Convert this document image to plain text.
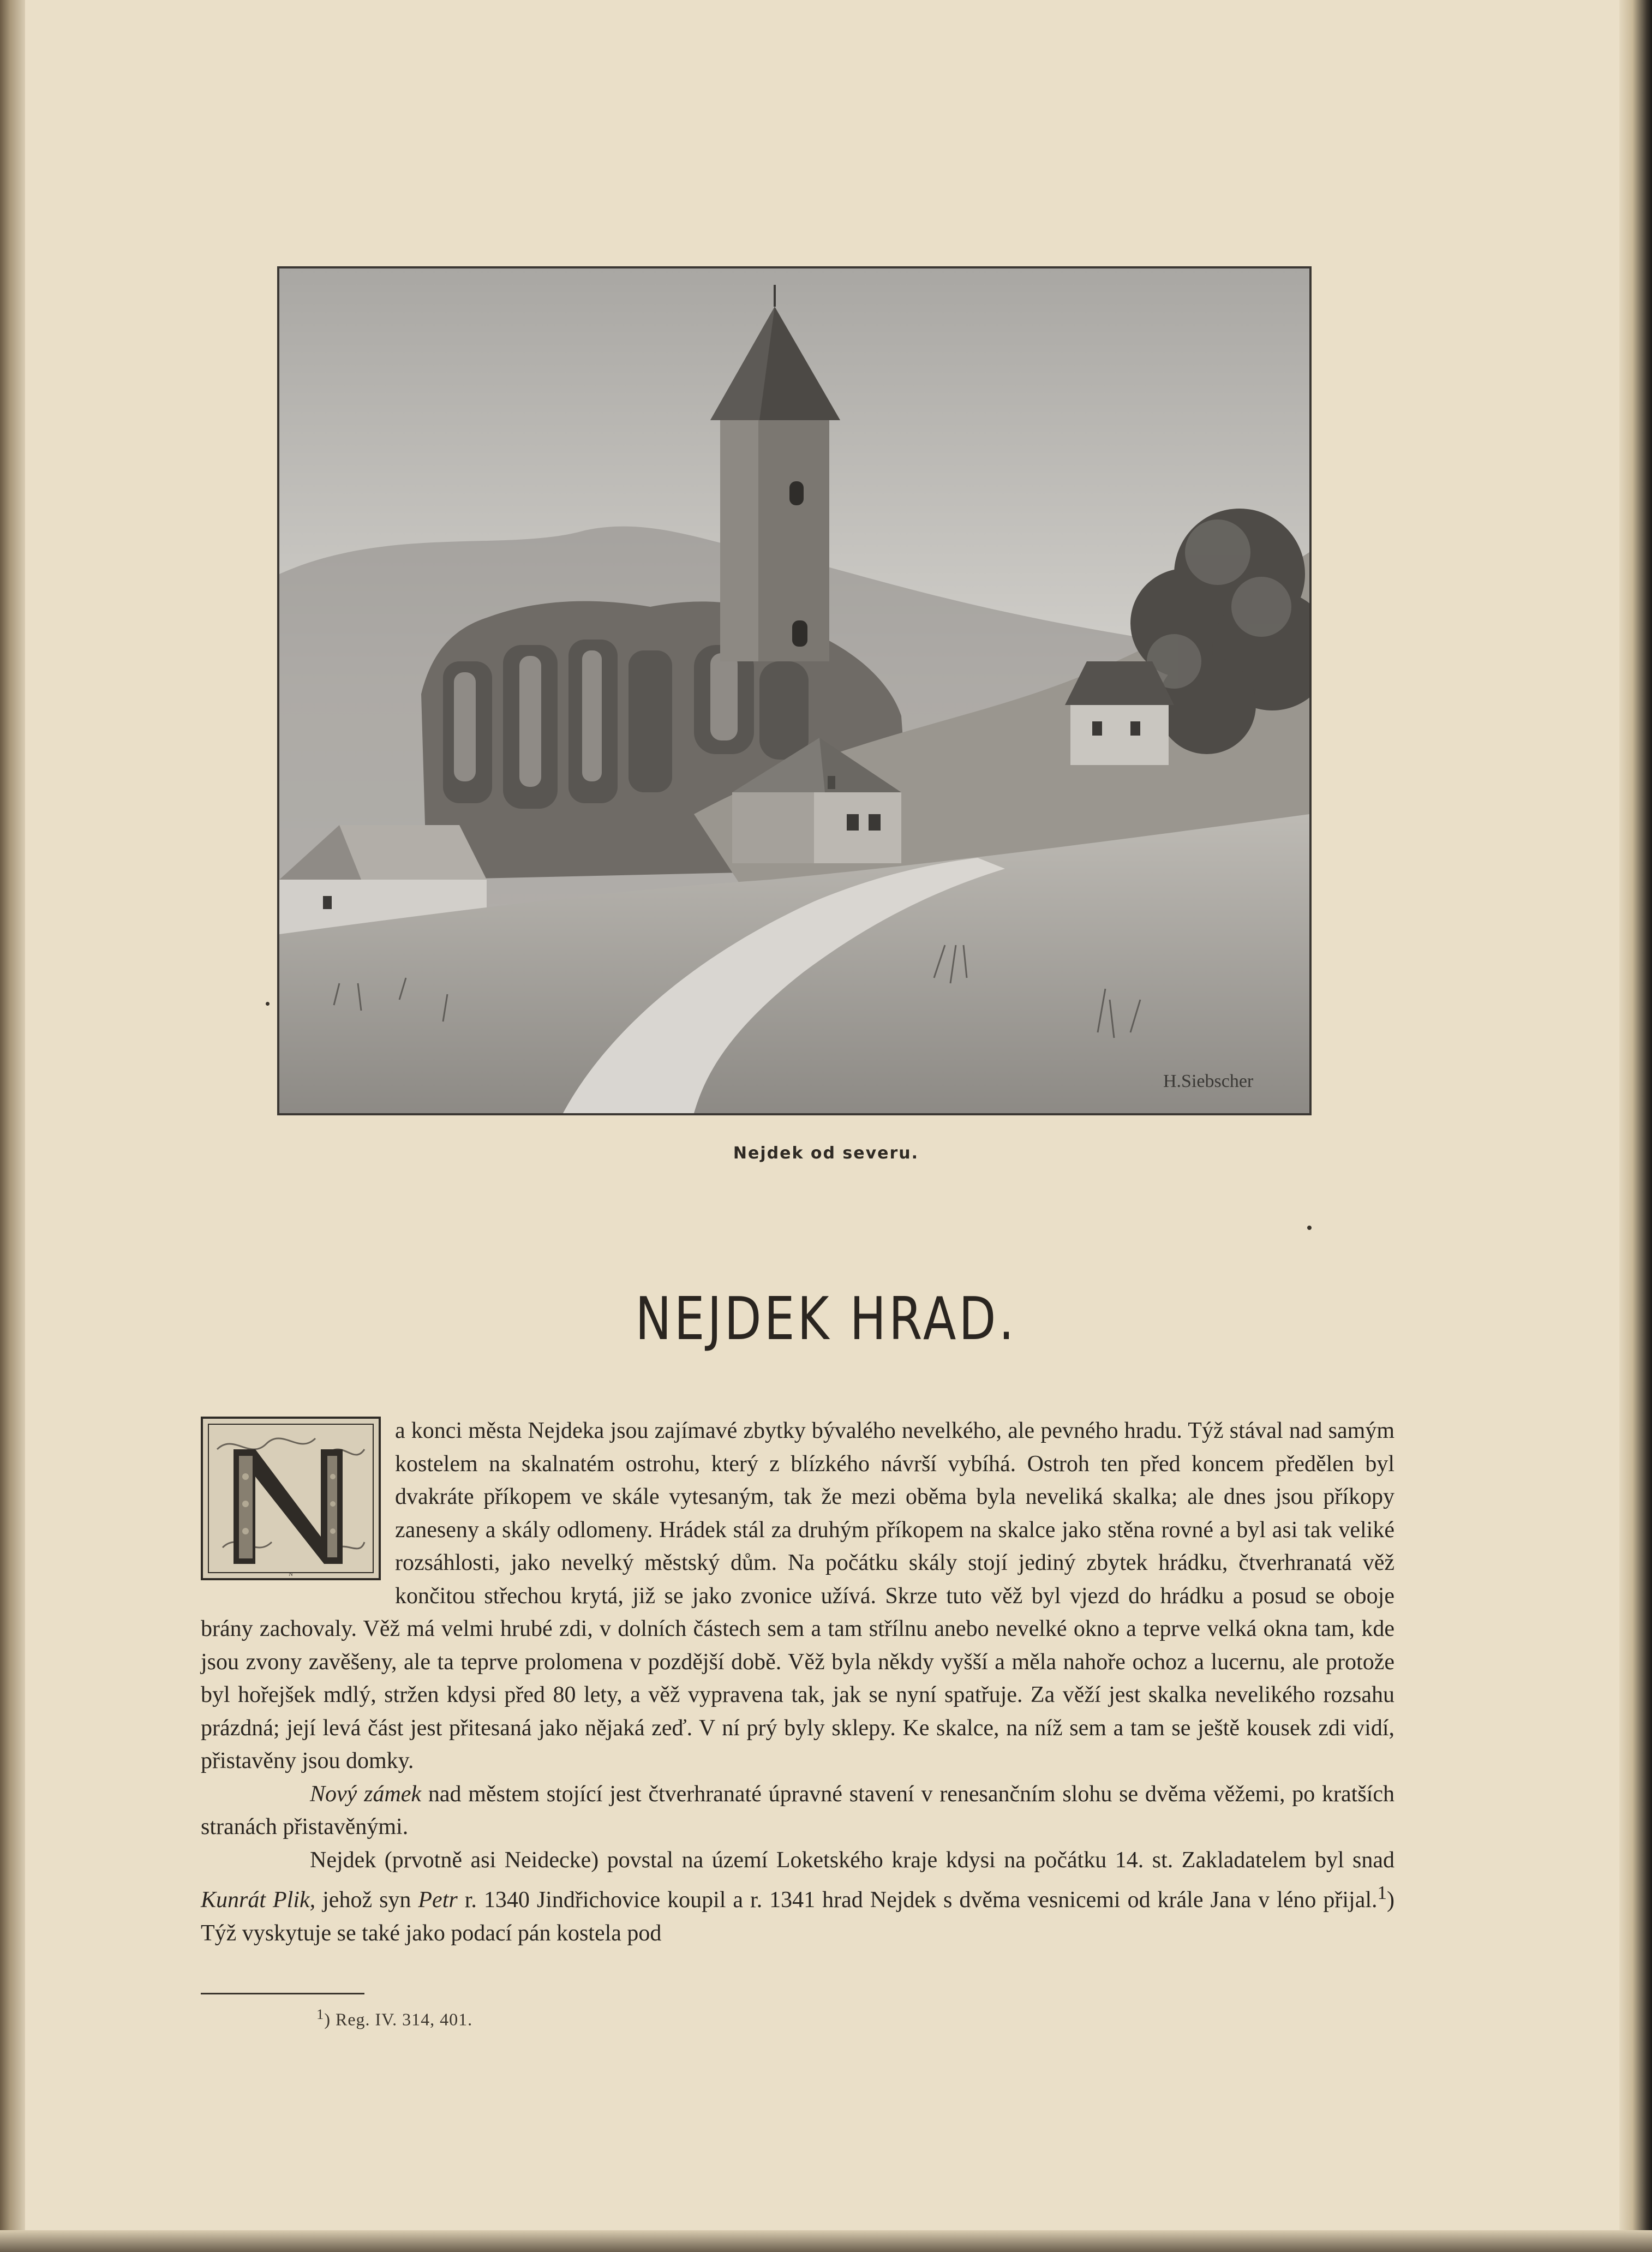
H.Siebscher
Nejdek od severu.
NEJDEK HRAD.
N

a konci města Nejdeka jsou zajímavé zbytky bývalého nevelkého, ale pevného hradu. Týž stával nad samým kostelem na skalnatém ostrohu, který z blízkého návrší vybíhá. Ostroh ten před koncem předělen byl dvakráte příkopem ve skále vytesaným, tak že mezi oběma byla neveliká skalka; ale dnes jsou příkopy zaneseny a skály odlomeny. Hrádek stál za druhým příkopem na skalce jako stěna rovné a byl asi tak veliké rozsáhlosti, jako nevelký městský dům. Na počátku skály stojí jediný zbytek hrádku, čtverhranatá věž končitou střechou krytá, již se jako zvonice užívá. Skrze tuto věž byl vjezd do hrádku a posud se oboje brány zachovaly. Věž má velmi hrubé zdi, v dolních částech sem a tam střílnu anebo nevelké okno a teprve velká okna tam, kde jsou zvony zavěšeny, ale ta teprve prolomena v pozdější době. Věž byla někdy vyšší a měla nahoře ochoz a lucernu, ale protože byl hořejšek mdlý, stržen kdysi před 80 lety, a věž vypravena tak, jak se nyní spatřuje. Za věží jest skalka nevelikého rozsahu prázdná; její levá část jest přitesaná jako nějaká zeď. V ní prý byly sklepy. Ke skalce, na níž sem a tam se ještě kousek zdi vidí, přistavěny jsou domky.

Nový zámek nad městem stojící jest čtverhranaté úpravné stavení v renesančním slohu se dvěma věžemi, po kratších stranách přistavěnými.

Nejdek (prvotně asi Neidecke) povstal na území Loketského kraje kdysi na počátku 14. st. Zakladatelem byl snad Kunrát Plik, jehož syn Petr r. 1340 Jindřichovice koupil a r. 1341 hrad Nejdek s dvěma vesnicemi od krále Jana v léno přijal.$^1$) Týž vyskytuje se také jako podací pán kostela pod

$^1$) Reg. IV. 314, 401.
